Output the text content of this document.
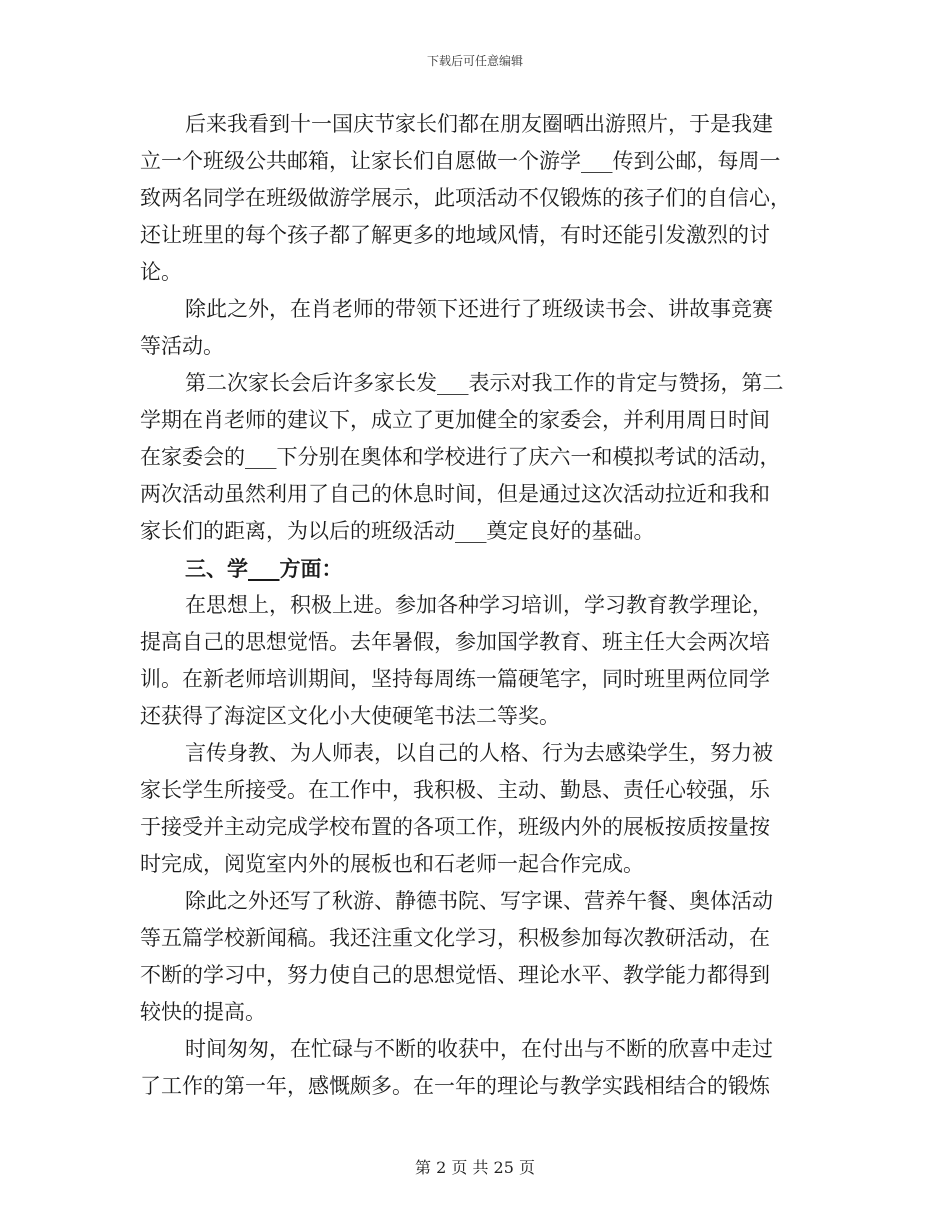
下载后可任意编辑
后来我看到十一国庆节家长们都在朋友圈晒出游照片，于是我建
立一个班级公共邮箱，让家长们自愿做一个游学___传到公邮，每周一
致两名同学在班级做游学展示，此项活动不仅锻炼的孩子们的自信心，
还让班里的每个孩子都了解更多的地域风情，有时还能引发激烈的讨
论。
除此之外，在肖老师的带领下还进行了班级读书会、讲故事竞赛
等活动。
第二次家长会后许多家长发___表示对我工作的肯定与赞扬，第二
学期在肖老师的建议下，成立了更加健全的家委会，并利用周日时间
在家委会的___下分别在奥体和学校进行了庆六一和模拟考试的活动，
两次活动虽然利用了自己的休息时间，但是通过这次活动拉近和我和
家长们的距离，为以后的班级活动___奠定良好的基础。
三、学___方面：
在思想上，积极上进。参加各种学习培训，学习教育教学理论，
提高自己的思想觉悟。去年暑假，参加国学教育、班主任大会两次培
训。在新老师培训期间，坚持每周练一篇硬笔字，同时班里两位同学
还获得了海淀区文化小大使硬笔书法二等奖。
言传身教、为人师表，以自己的人格、行为去感染学生，努力被
家长学生所接受。在工作中，我积极、主动、勤恳、责任心较强，乐
于接受并主动完成学校布置的各项工作，班级内外的展板按质按量按
时完成，阅览室内外的展板也和石老师一起合作完成。
除此之外还写了秋游、静德书院、写字课、营养午餐、奥体活动
等五篇学校新闻稿。我还注重文化学习，积极参加每次教研活动，在
不断的学习中，努力使自己的思想觉悟、理论水平、教学能力都得到
较快的提高。
时间匆匆，在忙碌与不断的收获中，在付出与不断的欣喜中走过
了工作的第一年，感慨颇多。在一年的理论与教学实践相结合的锻炼
第 2 页 共 25 页
